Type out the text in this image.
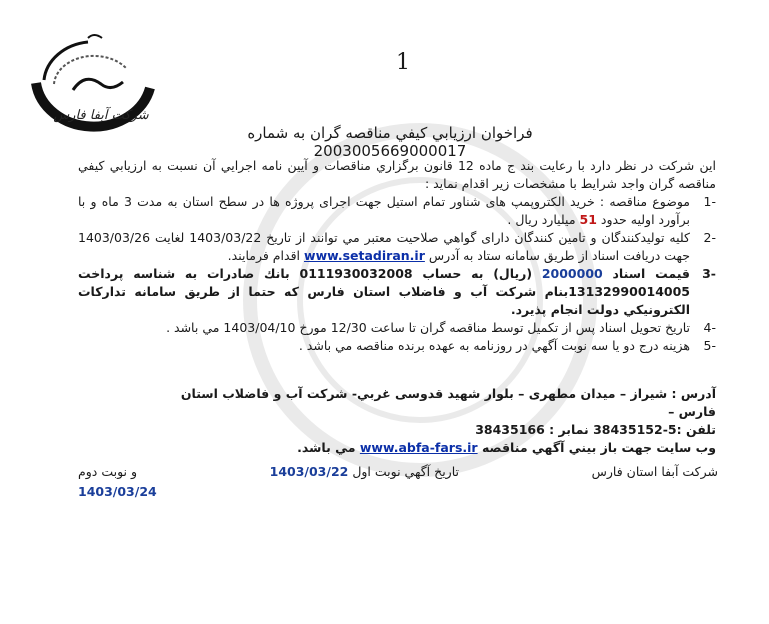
شرکت آبفا فارس
1
فراخوان ارزيابي كيفي مناقصه گران به شماره 2003005669000017

اين شركت در نظر دارد با رعايت بند ج ماده 12 قانون برگزاري مناقصات و آيين نامه اجرايي آن نسبت به ارزيابي كيفي مناقصه گران واجد شرايط با مشخصات زير اقدام نمايد :

-1
موضوع مناقصه : خريد الكتروپمپ های شناور تمام استيل جهت اجرای پروژه ها در سطح استان به مدت 3 ماه و با برآورد اوليه حدود 51 ميليارد ريال .
-2
كليه توليدكنندگان و تامين كنندگان دارای گواهي صلاحيت معتبر مي توانند از تاريخ 1403/03/22 لغايت 1403/03/26 جهت دريافت اسناد از طريق سامانه ستاد به آدرس www.setadiran.ir اقدام فرمايند.
-3
قيمت اسناد 2000000 (ريال) به حساب 0111930032008 بانك صادرات به شناسه پرداخت 13132990014005بنام شركت آب و فاضلاب استان فارس كه حتما از طريق سامانه تداركات الكترونيكي دولت انجام پذيرد.
-4
تاريخ تحويل اسناد پس از تكميل توسط مناقصه گران تا ساعت 12/30 مورخ 1403/04/10 مي باشد .
-5
هزينه درج دو يا سه نوبت آگهي در روزنامه به عهده برنده مناقصه مي باشد .
آدرس : شيراز – ميدان مطهری – بلوار شهيد قدوسی غربي- شركت آب و فاضلاب استان فارس –
تلفن :5-38435152 نمابر : 38435166
وب سايت جهت باز بيني آگهي مناقصه www.abfa-fars.ir مي باشد.
شركت آبفا استان فارس
تاريخ آگهي نوبت اول 1403/03/22
و نوبت دوم
1403/03/24
